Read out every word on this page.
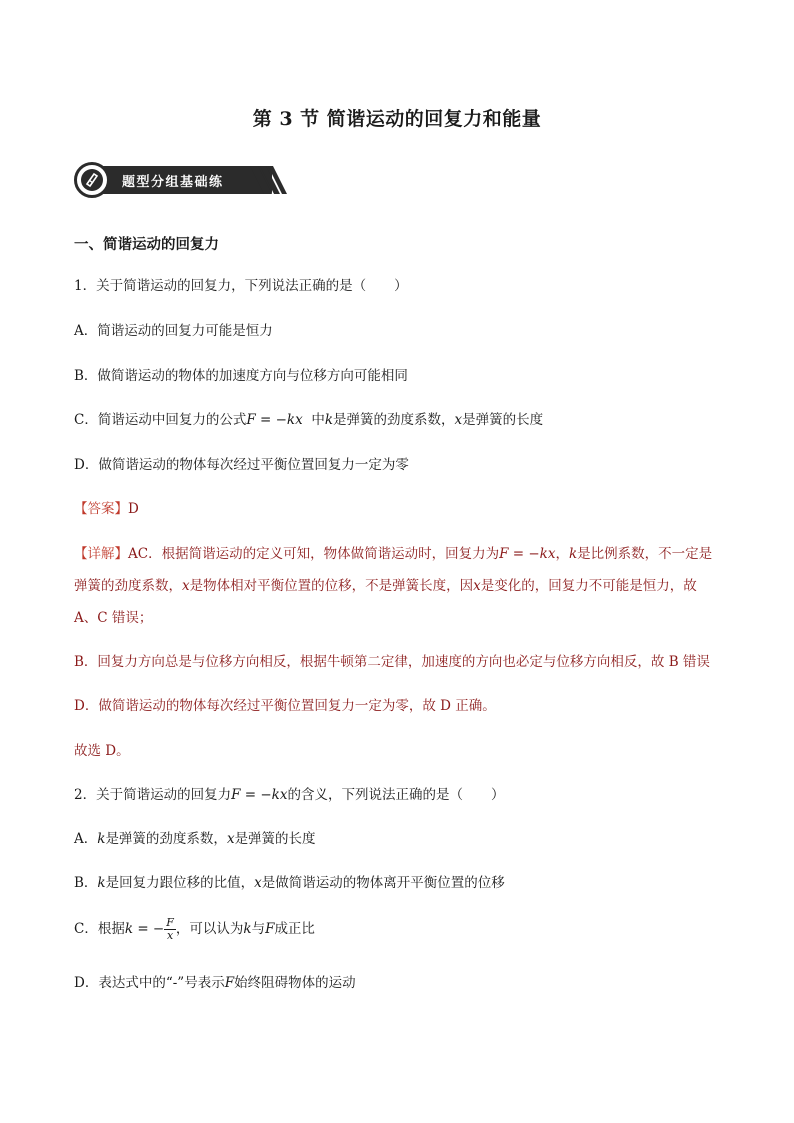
第 3 节 简谐运动的回复力和能量
题型分组基础练
一、简谐运动的回复力
1．关于简谐运动的回复力，下列说法正确的是（ ）
A．简谐运动的回复力可能是恒力
B．做简谐运动的物体的加速度方向与位移方向可能相同
C．简谐运动中回复力的公式F = −kx 中k是弹簧的劲度系数，x是弹簧的长度
D．做简谐运动的物体每次经过平衡位置回复力一定为零
【答案】D
【详解】AC．根据简谐运动的定义可知，物体做简谐运动时，回复力为F = −kx，k是比例系数，不一定是
弹簧的劲度系数，x是物体相对平衡位置的位移，不是弹簧长度，因x是变化的，回复力不可能是恒力，故
A、C 错误；
B．回复力方向总是与位移方向相反，根据牛顿第二定律，加速度的方向也必定与位移方向相反，故 B 错误
D．做简谐运动的物体每次经过平衡位置回复力一定为零，故 D 正确。
故选 D。
2．关于简谐运动的回复力F = −kx的含义，下列说法正确的是（ ）
A．k是弹簧的劲度系数，x是弹簧的长度
B．k是回复力跟位移的比值，x是做简谐运动的物体离开平衡位置的位移
C．根据k = − $\frac{F}{x}$ ，可以认为k与F成正比
D．表达式中的“-”号表示F始终阻碍物体的运动
